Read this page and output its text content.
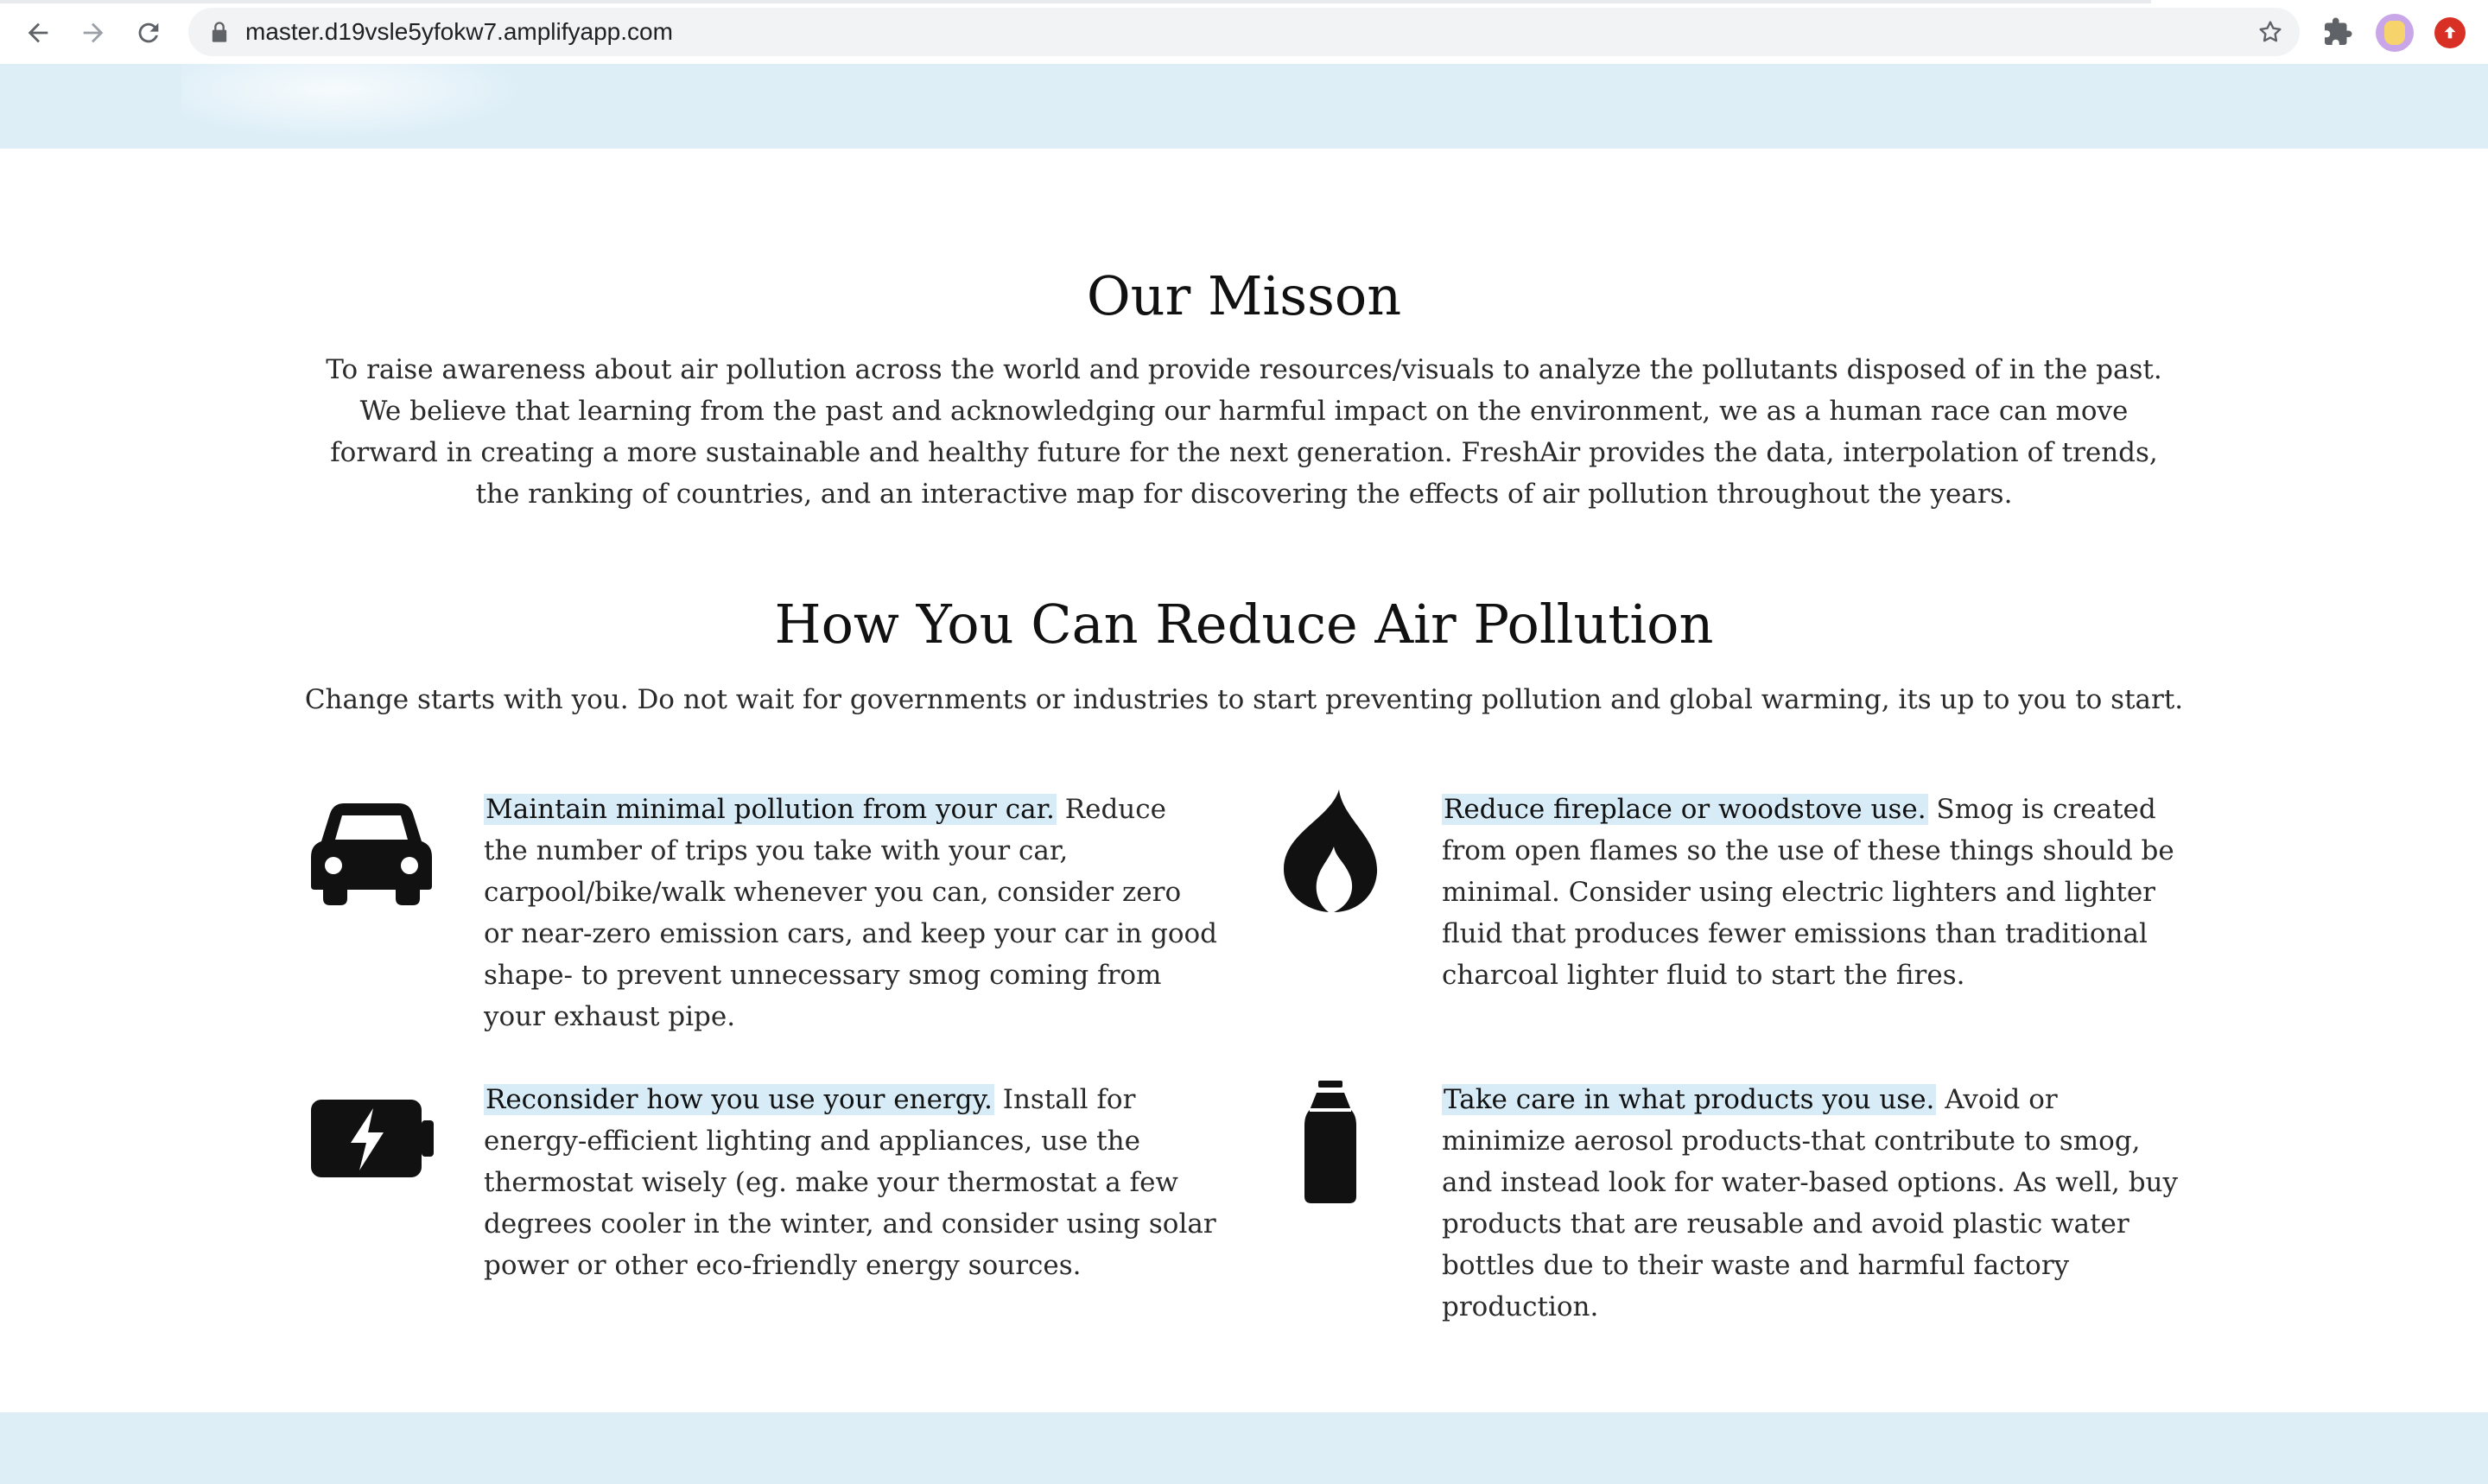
master.d19vsle5yfokw7.amplifyapp.com
Our Misson

To raise awareness about air pollution across the world and provide resources/visuals to analyze the pollutants disposed of in the past. We believe that learning from the past and acknowledging our harmful impact on the environment, we as a human race can move forward in creating a more sustainable and healthy future for the next generation. FreshAir provides the data, interpolation of trends, the ranking of countries, and an interactive map for discovering the effects of air pollution throughout the years.

How You Can Reduce Air Pollution

Change starts with you. Do not wait for governments or industries to start preventing pollution and global warming, its up to you to start.

Maintain minimal pollution from your car. Reduce the number of trips you take with your car, carpool/bike/walk whenever you can, consider zero or near-zero emission cars, and keep your car in good shape- to prevent unnecessary smog coming from your exhaust pipe.

Reduce fireplace or woodstove use. Smog is created from open flames so the use of these things should be minimal. Consider using electric lighters and lighter fluid that produces fewer emissions than traditional charcoal lighter fluid to start the fires.

Reconsider how you use your energy. Install for energy-efficient lighting and appliances, use the thermostat wisely (eg. make your thermostat a few degrees cooler in the winter, and consider using solar power or other eco-friendly energy sources.

Take care in what products you use. Avoid or minimize aerosol products-that contribute to smog, and instead look for water-based options. As well, buy products that are reusable and avoid plastic water bottles due to their waste and harmful factory production.
